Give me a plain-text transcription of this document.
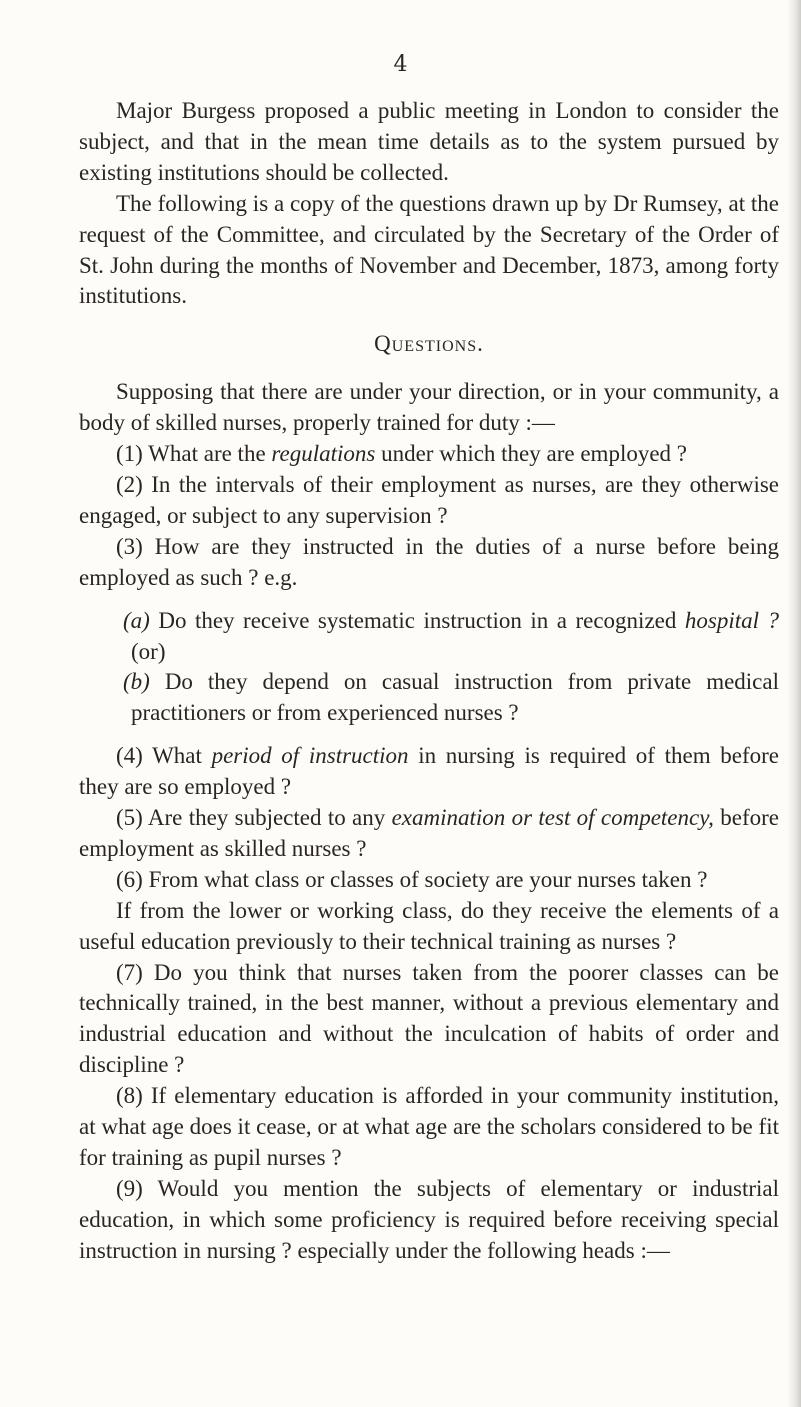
4

Major Burgess proposed a public meeting in London to consider the subject, and that in the mean time details as to the system pursued by existing institutions should be collected.

The following is a copy of the questions drawn up by Dr Rumsey, at the request of the Committee, and circulated by the Secretary of the Order of St. John during the months of November and December, 1873, among forty institutions.

Questions.

Supposing that there are under your direction, or in your community, a body of skilled nurses, properly trained for duty :—

(1) What are the regulations under which they are employed ?

(2) In the intervals of their employment as nurses, are they otherwise engaged, or subject to any supervision ?

(3) How are they instructed in the duties of a nurse before being employed as such ? e.g.

(a) Do they receive systematic instruction in a recognized hospital ? (or)

(b) Do they depend on casual instruction from private medical practitioners or from experienced nurses ?

(4) What period of instruction in nursing is required of them before they are so employed ?

(5) Are they subjected to any examination or test of competency, before employment as skilled nurses ?

(6) From what class or classes of society are your nurses taken ?

If from the lower or working class, do they receive the elements of a useful education previously to their technical training as nurses ?

(7) Do you think that nurses taken from the poorer classes can be technically trained, in the best manner, without a previous elementary and industrial education and without the inculcation of habits of order and discipline ?

(8) If elementary education is afforded in your community institution, at what age does it cease, or at what age are the scholars considered to be fit for training as pupil nurses ?

(9) Would you mention the subjects of elementary or industrial education, in which some proficiency is required before receiving special instruction in nursing ? especially under the following heads :—
